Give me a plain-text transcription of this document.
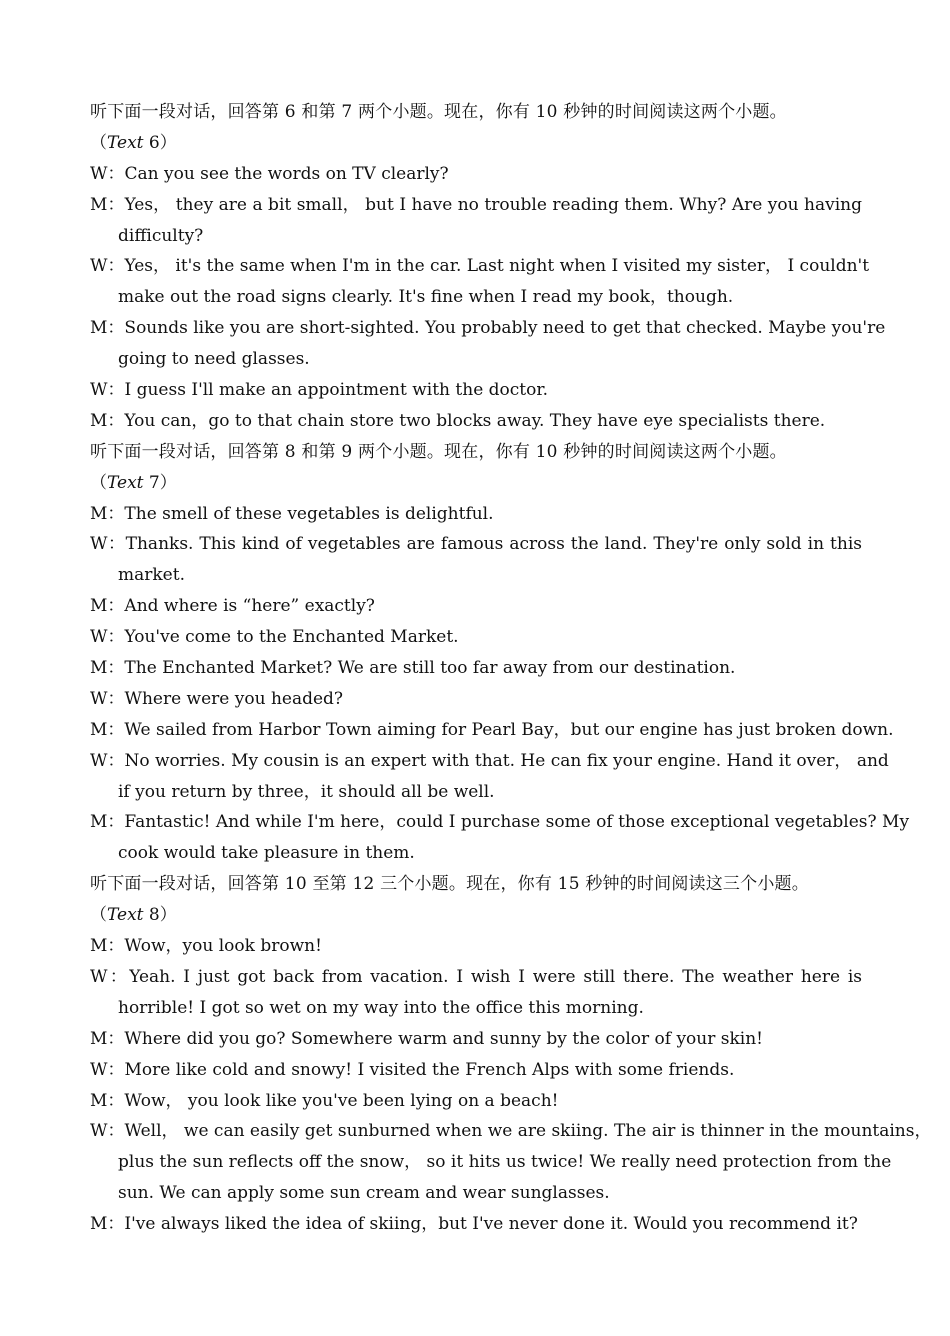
听下面一段对话，回答第 6 和第 7 两个小题。现在，你有 10 秒钟的时间阅读这两个小题。
（Text 6）
W：Can you see the words on TV clearly?
M：Yes， they are a bit small， but I have no trouble reading them. Why? Are you having
difficulty?
W：Yes， it's the same when I'm in the car. Last night when I visited my sister， I couldn't
make out the road signs clearly. It's fine when I read my book，though.
M：Sounds like you are short-sighted. You probably need to get that checked. Maybe you're
going to need glasses.
W：I guess I'll make an appointment with the doctor.
M：You can，go to that chain store two blocks away. They have eye specialists there.
听下面一段对话，回答第 8 和第 9 两个小题。现在，你有 10 秒钟的时间阅读这两个小题。
（Text 7）
M：The smell of these vegetables is delightful.
W：Thanks. This kind of vegetables are famous across the land. They're only sold in this
market.
M：And where is “here” exactly?
W：You've come to the Enchanted Market.
M：The Enchanted Market? We are still too far away from our destination.
W：Where were you headed?
M：We sailed from Harbor Town aiming for Pearl Bay，but our engine has just broken down.
W：No worries. My cousin is an expert with that. He can fix your engine. Hand it over， and
if you return by three，it should all be well.
M：Fantastic! And while I'm here，could I purchase some of those exceptional vegetables? My
cook would take pleasure in them.
听下面一段对话，回答第 10 至第 12 三个小题。现在，你有 15 秒钟的时间阅读这三个小题。
（Text 8）
M：Wow，you look brown!
W：Yeah. I just got back from vacation. I wish I were still there. The weather here is
horrible! I got so wet on my way into the office this morning.
M：Where did you go? Somewhere warm and sunny by the color of your skin!
W：More like cold and snowy! I visited the French Alps with some friends.
M：Wow， you look like you've been lying on a beach!
W：Well， we can easily get sunburned when we are skiing. The air is thinner in the mountains，
plus the sun reflects off the snow， so it hits us twice! We really need protection from the
sun. We can apply some sun cream and wear sunglasses.
M：I've always liked the idea of skiing，but I've never done it. Would you recommend it?
